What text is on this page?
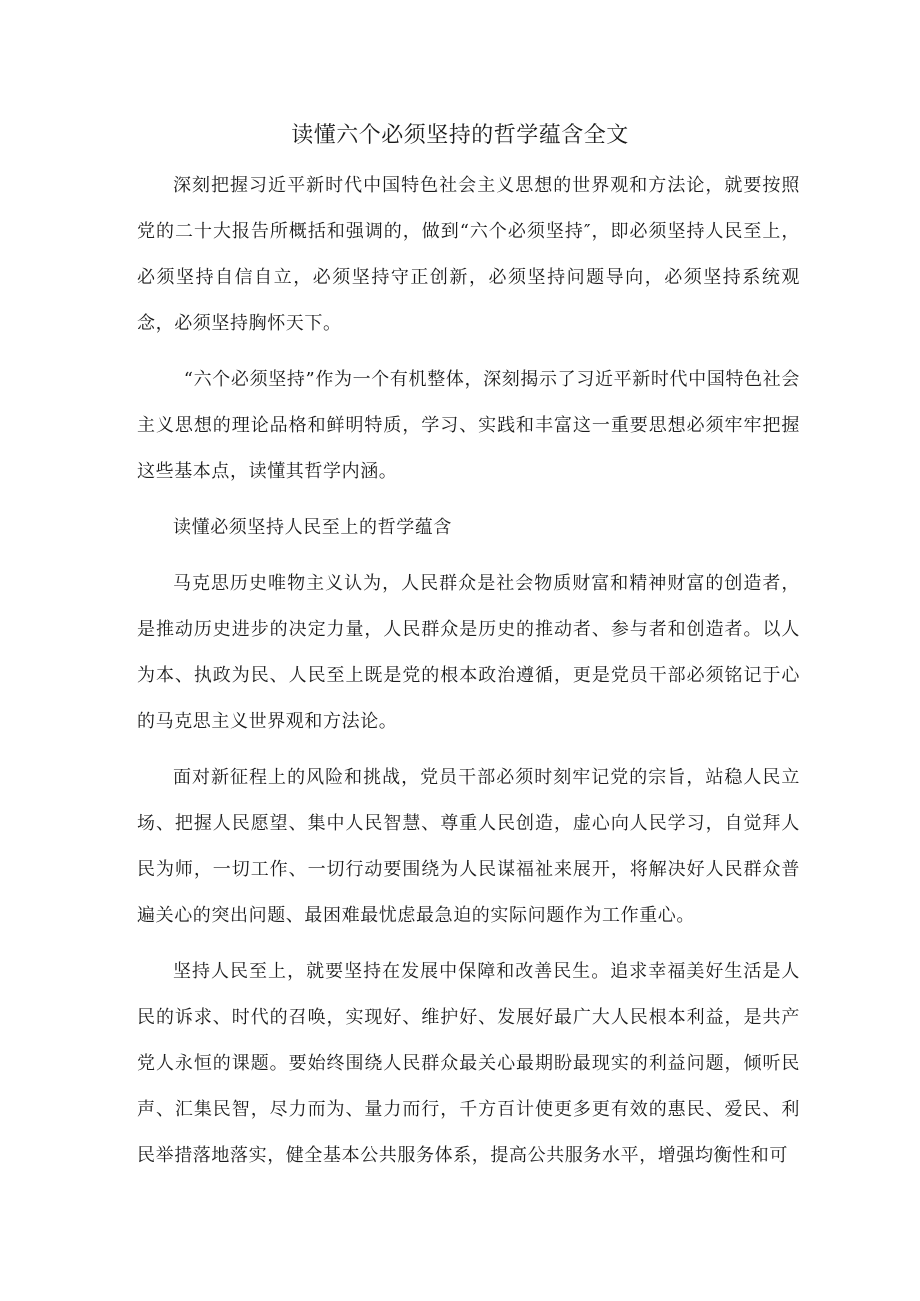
读懂六个必须坚持的哲学蕴含全文

深刻把握习近平新时代中国特色社会主义思想的世界观和方法论，就要按照党的二十大报告所概括和强调的，做到“六个必须坚持″，即必须坚持人民至上，必须坚持自信自立，必须坚持守正创新，必须坚持问题导向，必须坚持系统观念，必须坚持胸怀天下。

“六个必须坚持”作为一个有机整体，深刻揭示了习近平新时代中国特色社会主义思想的理论品格和鲜明特质，学习、实践和丰富这一重要思想必须牢牢把握这些基本点，读懂其哲学内涵。

读懂必须坚持人民至上的哲学蕴含

马克思历史唯物主义认为，人民群众是社会物质财富和精神财富的创造者，是推动历史进步的决定力量，人民群众是历史的推动者、参与者和创造者。以人为本、执政为民、人民至上既是党的根本政治遵循，更是党员干部必须铭记于心的马克思主义世界观和方法论。

面对新征程上的风险和挑战，党员干部必须时刻牢记党的宗旨，站稳人民立场、把握人民愿望、集中人民智慧、尊重人民创造，虚心向人民学习，自觉拜人民为师，一切工作、一切行动要围绕为人民谋福祉来展开，将解决好人民群众普遍关心的突出问题、最困难最忧虑最急迫的实际问题作为工作重心。

坚持人民至上，就要坚持在发展中保障和改善民生。追求幸福美好生活是人民的诉求、时代的召唤，实现好、维护好、发展好最广大人民根本利益，是共产党人永恒的课题。要始终围绕人民群众最关心最期盼最现实的利益问题，倾听民声、汇集民智，尽力而为、量力而行，千方百计使更多更有效的惠民、爱民、利民举措落地落实，健全基本公共服务体系，提高公共服务水平，增强均衡性和可
